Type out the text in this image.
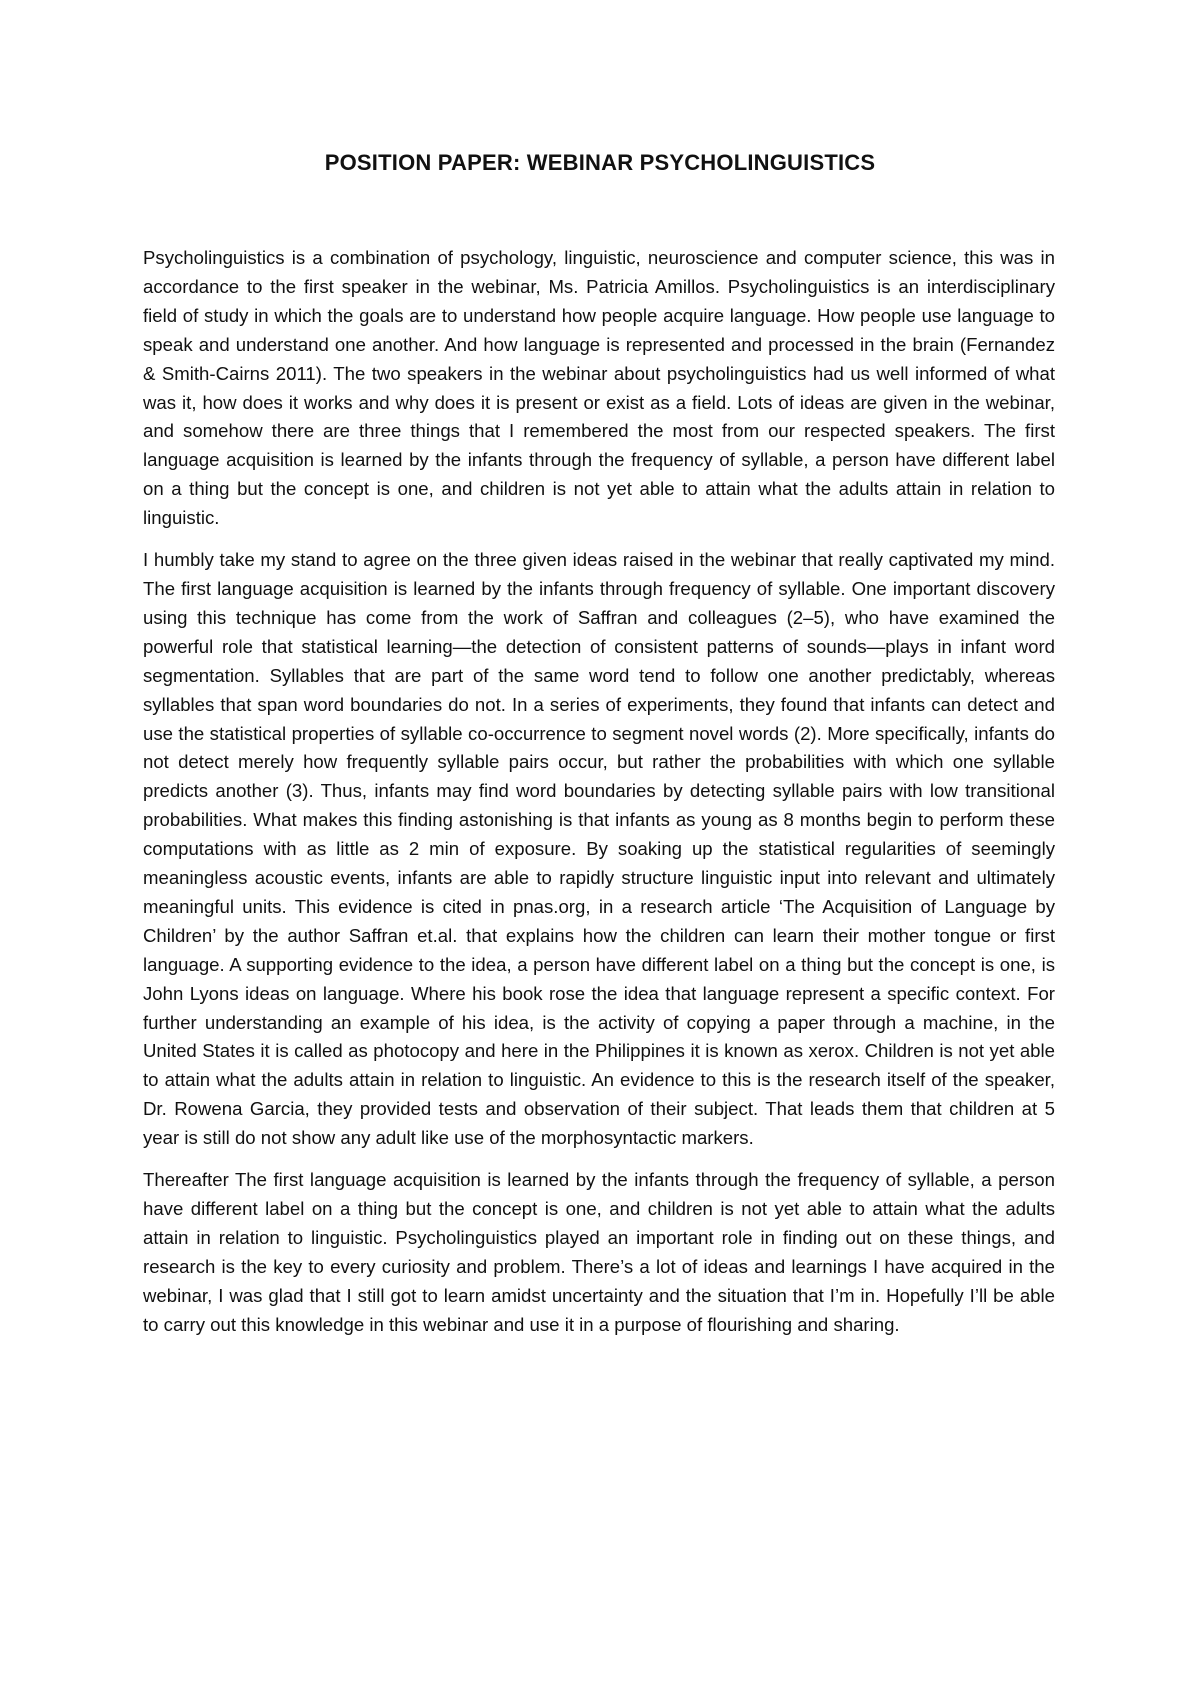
POSITION PAPER: WEBINAR PSYCHOLINGUISTICS

Psycholinguistics is a combination of psychology, linguistic, neuroscience and computer science, this was in accordance to the first speaker in the webinar, Ms. Patricia Amillos. Psycholinguistics is an interdisciplinary field of study in which the goals are to understand how people acquire language. How people use language to speak and understand one another. And how language is represented and processed in the brain (Fernandez & Smith-Cairns 2011). The two speakers in the webinar about psycholinguistics had us well informed of what was it, how does it works and why does it is present or exist as a field. Lots of ideas are given in the webinar, and somehow there are three things that I remembered the most from our respected speakers. The first language acquisition is learned by the infants through the frequency of syllable, a person have different label on a thing but the concept is one, and children is not yet able to attain what the adults attain in relation to linguistic.

I humbly take my stand to agree on the three given ideas raised in the webinar that really captivated my mind. The first language acquisition is learned by the infants through frequency of syllable. One important discovery using this technique has come from the work of Saffran and colleagues (2–5), who have examined the powerful role that statistical learning—the detection of consistent patterns of sounds—plays in infant word segmentation. Syllables that are part of the same word tend to follow one another predictably, whereas syllables that span word boundaries do not. In a series of experiments, they found that infants can detect and use the statistical properties of syllable co-occurrence to segment novel words (2). More specifically, infants do not detect merely how frequently syllable pairs occur, but rather the probabilities with which one syllable predicts another (3). Thus, infants may find word boundaries by detecting syllable pairs with low transitional probabilities. What makes this finding astonishing is that infants as young as 8 months begin to perform these computations with as little as 2 min of exposure. By soaking up the statistical regularities of seemingly meaningless acoustic events, infants are able to rapidly structure linguistic input into relevant and ultimately meaningful units. This evidence is cited in pnas.org, in a research article ‘The Acquisition of Language by Children’ by the author Saffran et.al. that explains how the children can learn their mother tongue or first language. A supporting evidence to the idea, a person have different label on a thing but the concept is one, is John Lyons ideas on language. Where his book rose the idea that language represent a specific context. For further understanding an example of his idea, is the activity of copying a paper through a machine, in the United States it is called as photocopy and here in the Philippines it is known as xerox. Children is not yet able to attain what the adults attain in relation to linguistic. An evidence to this is the research itself of the speaker, Dr. Rowena Garcia, they provided tests and observation of their subject. That leads them that children at 5 year is still do not show any adult like use of the morphosyntactic markers.

Thereafter The first language acquisition is learned by the infants through the frequency of syllable, a person have different label on a thing but the concept is one, and children is not yet able to attain what the adults attain in relation to linguistic. Psycholinguistics played an important role in finding out on these things, and research is the key to every curiosity and problem. There’s a lot of ideas and learnings I have acquired in the webinar, I was glad that I still got to learn amidst uncertainty and the situation that I’m in. Hopefully I’ll be able to carry out this knowledge in this webinar and use it in a purpose of flourishing and sharing.
